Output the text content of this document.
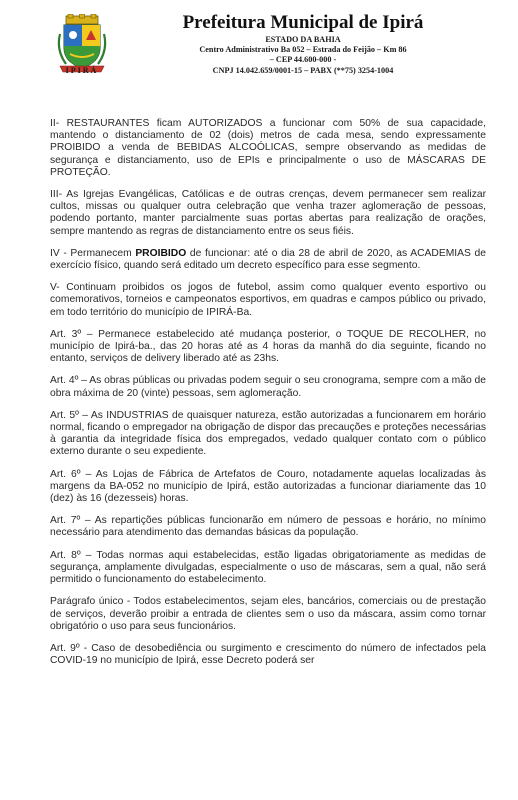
IPIRÁ
Prefeitura Municipal de Ipirá
ESTADO DA BAHIA
Centro Administrativo Ba 052 – Estrada do Feijão – Km 86
– CEP 44.600-000 -
CNPJ 14.042.659/0001-15 – PABX (**75) 3254-1004

II- RESTAURANTES ficam AUTORIZADOS a funcionar com 50% de sua capacidade, mantendo o distanciamento de 02 (dois) metros de cada mesa, sendo expressamente PROIBIDO a venda de BEBIDAS ALCOÓLICAS, sempre observando as medidas de segurança e distanciamento, uso de EPIs e principalmente o uso de MÁSCARAS DE PROTEÇÃO.

III- As Igrejas Evangélicas, Católicas e de outras crenças, devem permanecer sem realizar cultos, missas ou qualquer outra celebração que venha trazer aglomeração de pessoas, podendo portanto, manter parcialmente suas portas abertas para realização de orações, sempre mantendo as regras de distanciamento entre os seus fiéis.

IV - Permanecem PROIBIDO de funcionar: até o dia 28 de abril de 2020, as ACADEMIAS de exercício físico, quando será editado um decreto específico para esse segmento.

V- Continuam proibidos os jogos de futebol, assim como qualquer evento esportivo ou comemorativos, torneios e campeonatos esportivos, em quadras e campos público ou privado, em todo território do município de IPIRÁ-Ba.

Art. 3º – Permanece estabelecido até mudança posterior, o TOQUE DE RECOLHER, no município de Ipirá-ba., das 20 horas até as 4 horas da manhã do dia seguinte, ficando no entanto, serviços de delivery liberado até as 23hs.

Art. 4º – As obras públicas ou privadas podem seguir o seu cronograma, sempre com a mão de obra máxima de 20 (vinte) pessoas, sem aglomeração.

Art. 5º – As INDUSTRIAS de quaisquer natureza, estão autorizadas a funcionarem em horário normal, ficando o empregador na obrigação de dispor das precauções e proteções necessárias à garantia da integridade física dos empregados, vedado qualquer contato com o público externo durante o seu expediente.

Art. 6º – As Lojas de Fábrica de Artefatos de Couro, notadamente aquelas localizadas às margens da BA-052 no município de Ipirá, estão autorizadas a funcionar diariamente das 10 (dez) às 16 (dezesseis) horas.

Art. 7º – As repartições públicas funcionarão em número de pessoas e horário, no mínimo necessário para atendimento das demandas básicas da população.

Art. 8º – Todas normas aqui estabelecidas, estão ligadas obrigatoriamente as medidas de segurança, amplamente divulgadas, especialmente o uso de máscaras, sem a qual, não será permitido o funcionamento do estabelecimento.

Parágrafo único - Todos estabelecimentos, sejam eles, bancários, comerciais ou de prestação de serviços, deverão proibir a entrada de clientes sem o uso da máscara, assim como tornar obrigatório o uso para seus funcionários.

Art. 9º - Caso de desobediência ou surgimento e crescimento do número de infectados pela COVID-19 no município de Ipirá, esse Decreto poderá ser
